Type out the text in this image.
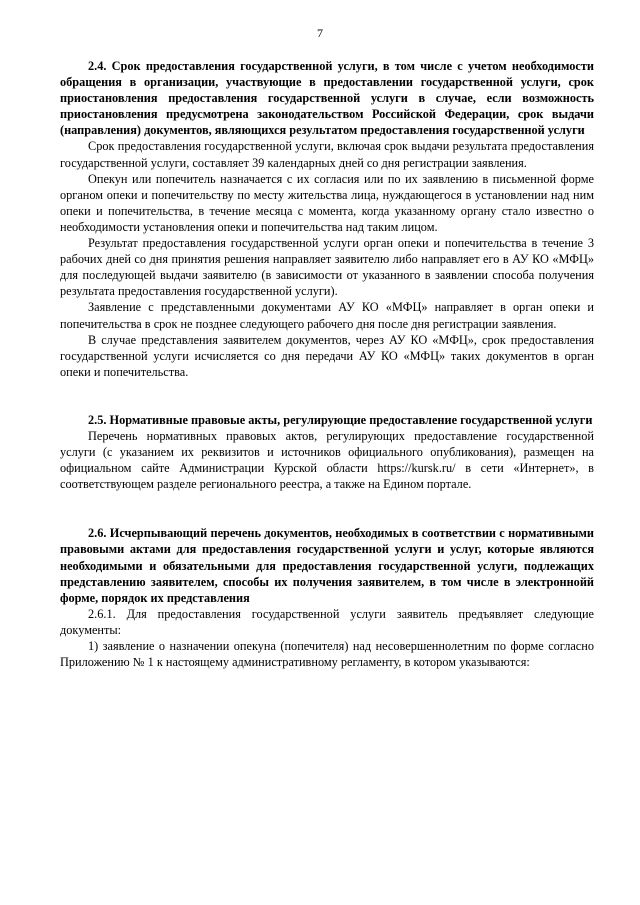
7

2.4. Срок предоставления государственной услуги, в том числе с учетом необходимости обращения в организации, участвующие в предоставлении государственной услуги, срок приостановления предоставления государственной услуги в случае, если возможность приостановления предусмотрена законодательством Российской Федерации, срок выдачи (направления) документов, являющихся результатом предоставления государственной услуги

Срок предоставления государственной услуги, включая срок выдачи результата предоставления государственной услуги, составляет 39 календарных дней со дня регистрации заявления.

Опекун или попечитель назначается с их согласия или по их заявлению в письменной форме органом опеки и попечительству по месту жительства лица, нуждающегося в установлении над ним опеки и попечительства, в течение месяца с момента, когда указанному органу стало известно о необходимости установления опеки и попечительства над таким лицом.

Результат предоставления государственной услуги орган опеки и попечительства в течение 3 рабочих дней со дня принятия решения направляет заявителю либо направляет его в АУ КО «МФЦ» для последующей выдачи заявителю (в зависимости от указанного в заявлении способа получения результата предоставления государственной услуги).

Заявление с представленными документами АУ КО «МФЦ» направляет в орган опеки и попечительства в срок не позднее следующего рабочего дня после дня регистрации заявления.

В случае представления заявителем документов, через АУ КО «МФЦ», срок предоставления государственной услуги исчисляется со дня передачи АУ КО «МФЦ» таких документов в орган опеки и попечительства.

2.5. Нормативные правовые акты, регулирующие предоставление государственной услуги

Перечень нормативных правовых актов, регулирующих предоставление государственной услуги (с указанием их реквизитов и источников официального опубликования), размещен на официальном сайте Администрации Курской области https://kursk.ru/ в сети «Интернет», в соответствующем разделе регионального реестра, а также на Едином портале.

2.6. Исчерпывающий перечень документов, необходимых в соответствии с нормативными правовыми актами для предоставления государственной услуги и услуг, которые являются необходимыми и обязательными для предоставления государственной услуги, подлежащих представлению заявителем, способы их получения заявителем, в том числе в электроннойй форме, порядок их представления

2.6.1. Для предоставления государственной услуги заявитель предъявляет следующие документы:

1) заявление о назначении опекуна (попечителя) над несовершеннолетним по форме согласно Приложению № 1 к настоящему административному регламенту, в котором указываются:
